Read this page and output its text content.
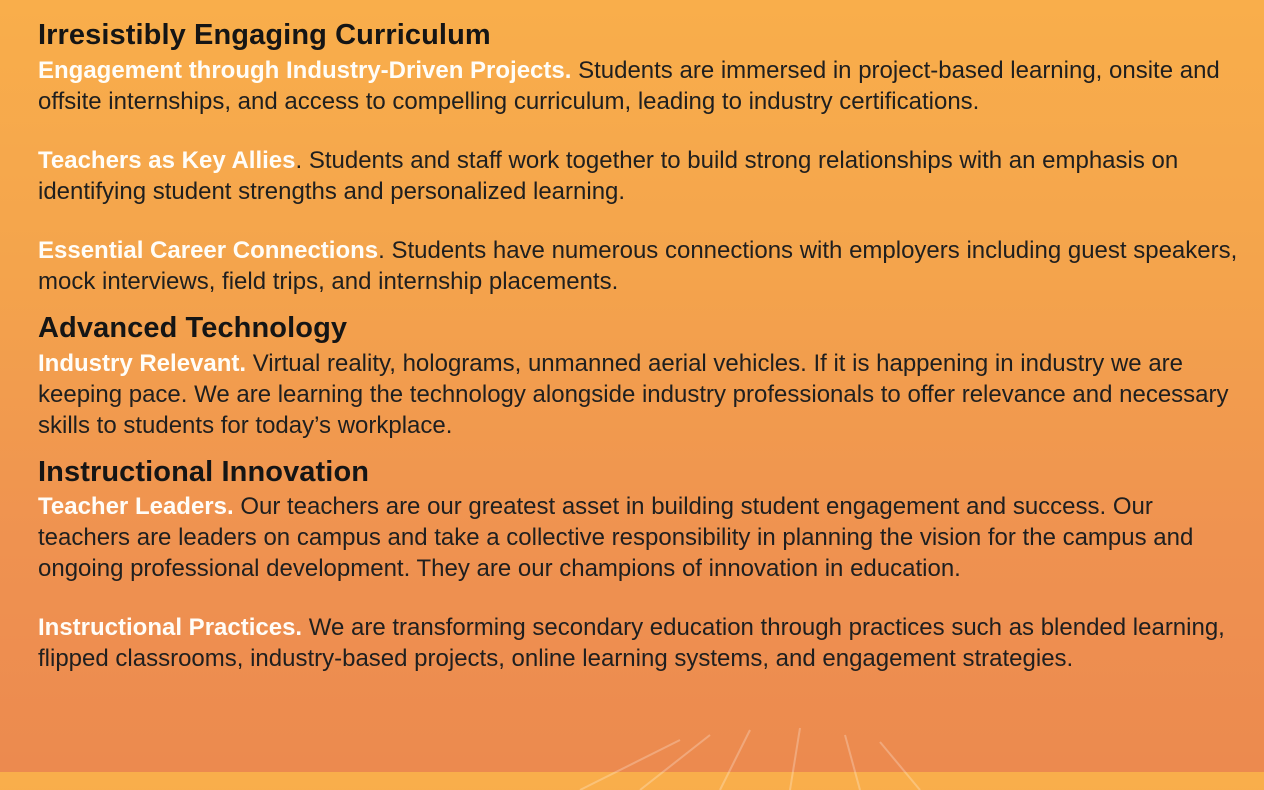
Irresistibly Engaging Curriculum

Engagement through Industry-Driven Projects. Students are immersed in project-based learning, onsite and offsite internships, and access to compelling curriculum, leading to industry certifications.

Teachers as Key Allies. Students and staff work together to build strong relationships with an emphasis on identifying student strengths and personalized learning.

Essential Career Connections. Students have numerous connections with employers including guest speakers, mock interviews, field trips, and internship placements.

Advanced Technology

Industry Relevant. Virtual reality, holograms, unmanned aerial vehicles. If it is happening in industry we are keeping pace. We are learning the technology alongside industry professionals to offer relevance and necessary skills to students for today’s workplace.

Instructional Innovation

Teacher Leaders. Our teachers are our greatest asset in building student engagement and success. Our teachers are leaders on campus and take a collective responsibility in planning the vision for the campus and ongoing professional development. They are our champions of innovation in education.

Instructional Practices. We are transforming secondary education through practices such as blended learning, flipped classrooms, industry-based projects, online learning systems, and engagement strategies.
